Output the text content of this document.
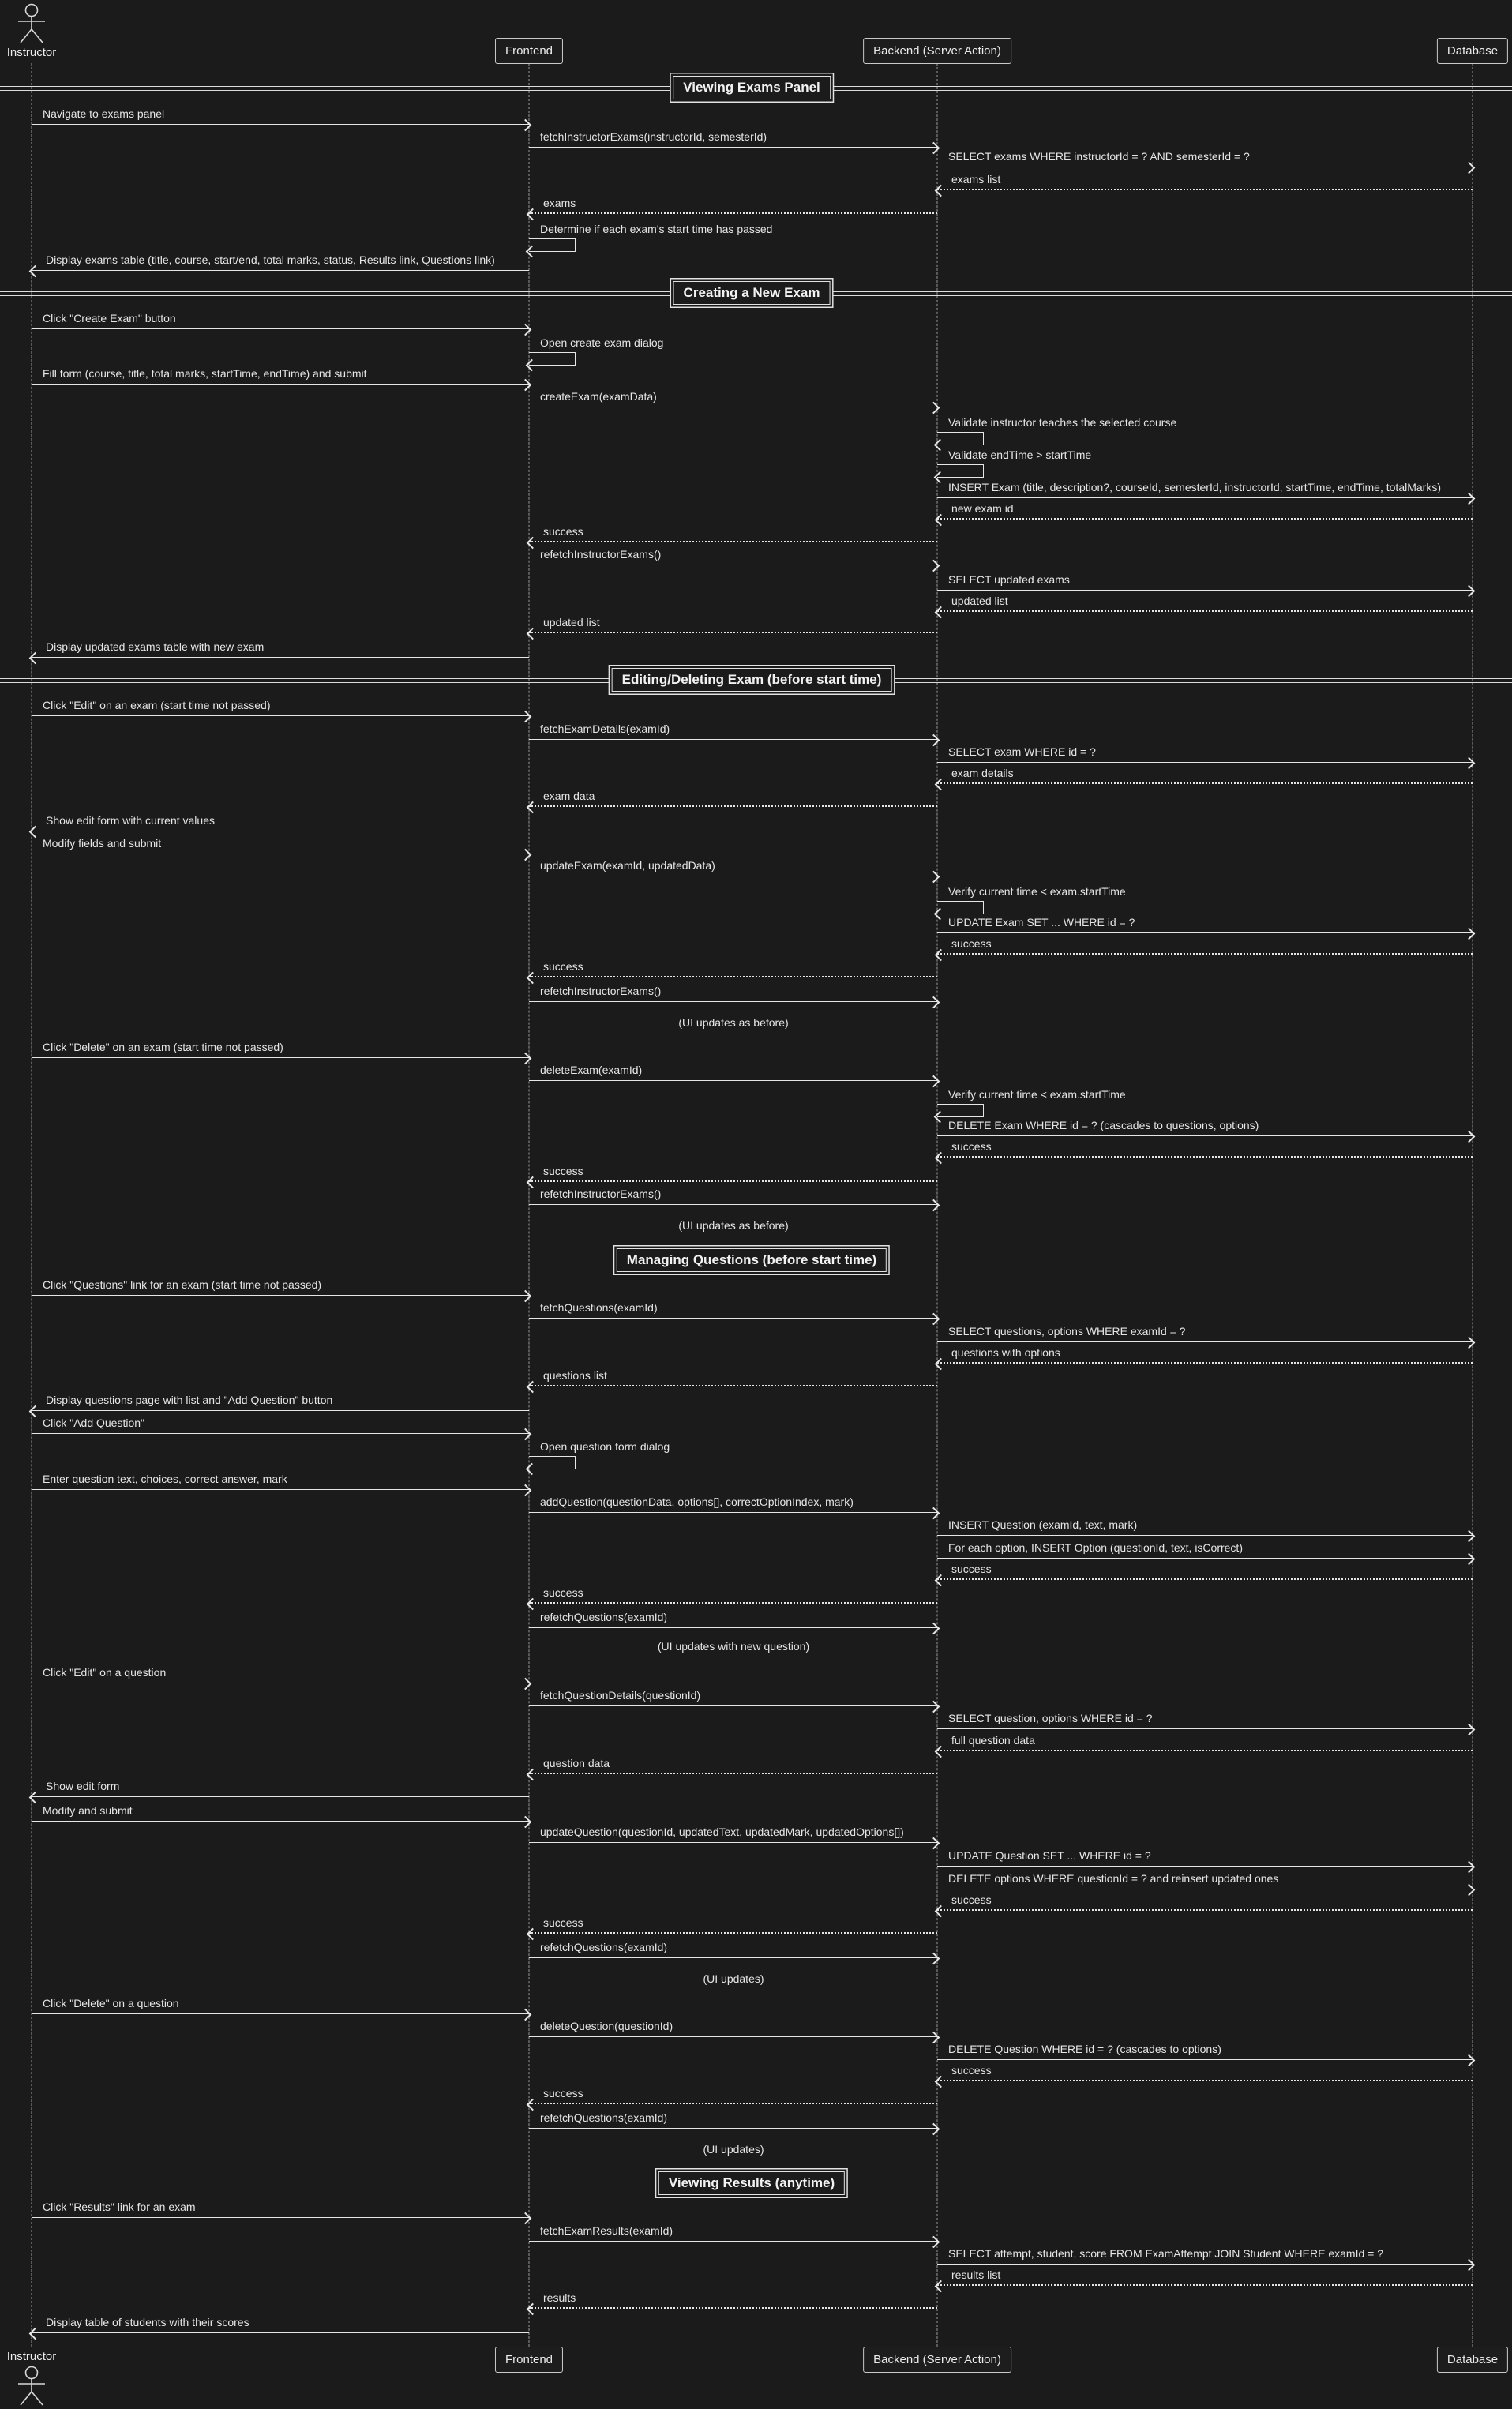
Instructor
Instructor
Frontend
Frontend
Backend (Server Action)
Backend (Server Action)
Database
Database
Viewing Exams Panel
Navigate to exams panel
fetchInstructorExams(instructorId, semesterId)
SELECT exams WHERE instructorId = ? AND semesterId = ?
exams list
exams
Determine if each exam's start time has passed
Display exams table (title, course, start/end, total marks, status, Results link, Questions link)
Creating a New Exam
Click "Create Exam" button
Open create exam dialog
Fill form (course, title, total marks, startTime, endTime) and submit
createExam(examData)
Validate instructor teaches the selected course
Validate endTime > startTime
INSERT Exam (title, description?, courseId, semesterId, instructorId, startTime, endTime, totalMarks)
new exam id
success
refetchInstructorExams()
SELECT updated exams
updated list
updated list
Display updated exams table with new exam
Editing/Deleting Exam (before start time)
Click "Edit" on an exam (start time not passed)
fetchExamDetails(examId)
SELECT exam WHERE id = ?
exam details
exam data
Show edit form with current values
Modify fields and submit
updateExam(examId, updatedData)
Verify current time < exam.startTime
UPDATE Exam SET ... WHERE id = ?
success
success
refetchInstructorExams()
(UI updates as before)
Click "Delete" on an exam (start time not passed)
deleteExam(examId)
Verify current time < exam.startTime
DELETE Exam WHERE id = ? (cascades to questions, options)
success
success
refetchInstructorExams()
(UI updates as before)
Managing Questions (before start time)
Click "Questions" link for an exam (start time not passed)
fetchQuestions(examId)
SELECT questions, options WHERE examId = ?
questions with options
questions list
Display questions page with list and "Add Question" button
Click "Add Question"
Open question form dialog
Enter question text, choices, correct answer, mark
addQuestion(questionData, options[], correctOptionIndex, mark)
INSERT Question (examId, text, mark)
For each option, INSERT Option (questionId, text, isCorrect)
success
success
refetchQuestions(examId)
(UI updates with new question)
Click "Edit" on a question
fetchQuestionDetails(questionId)
SELECT question, options WHERE id = ?
full question data
question data
Show edit form
Modify and submit
updateQuestion(questionId, updatedText, updatedMark, updatedOptions[])
UPDATE Question SET ... WHERE id = ?
DELETE options WHERE questionId = ? and reinsert updated ones
success
success
refetchQuestions(examId)
(UI updates)
Click "Delete" on a question
deleteQuestion(questionId)
DELETE Question WHERE id = ? (cascades to options)
success
success
refetchQuestions(examId)
(UI updates)
Viewing Results (anytime)
Click "Results" link for an exam
fetchExamResults(examId)
SELECT attempt, student, score FROM ExamAttempt JOIN Student WHERE examId = ?
results list
results
Display table of students with their scores
